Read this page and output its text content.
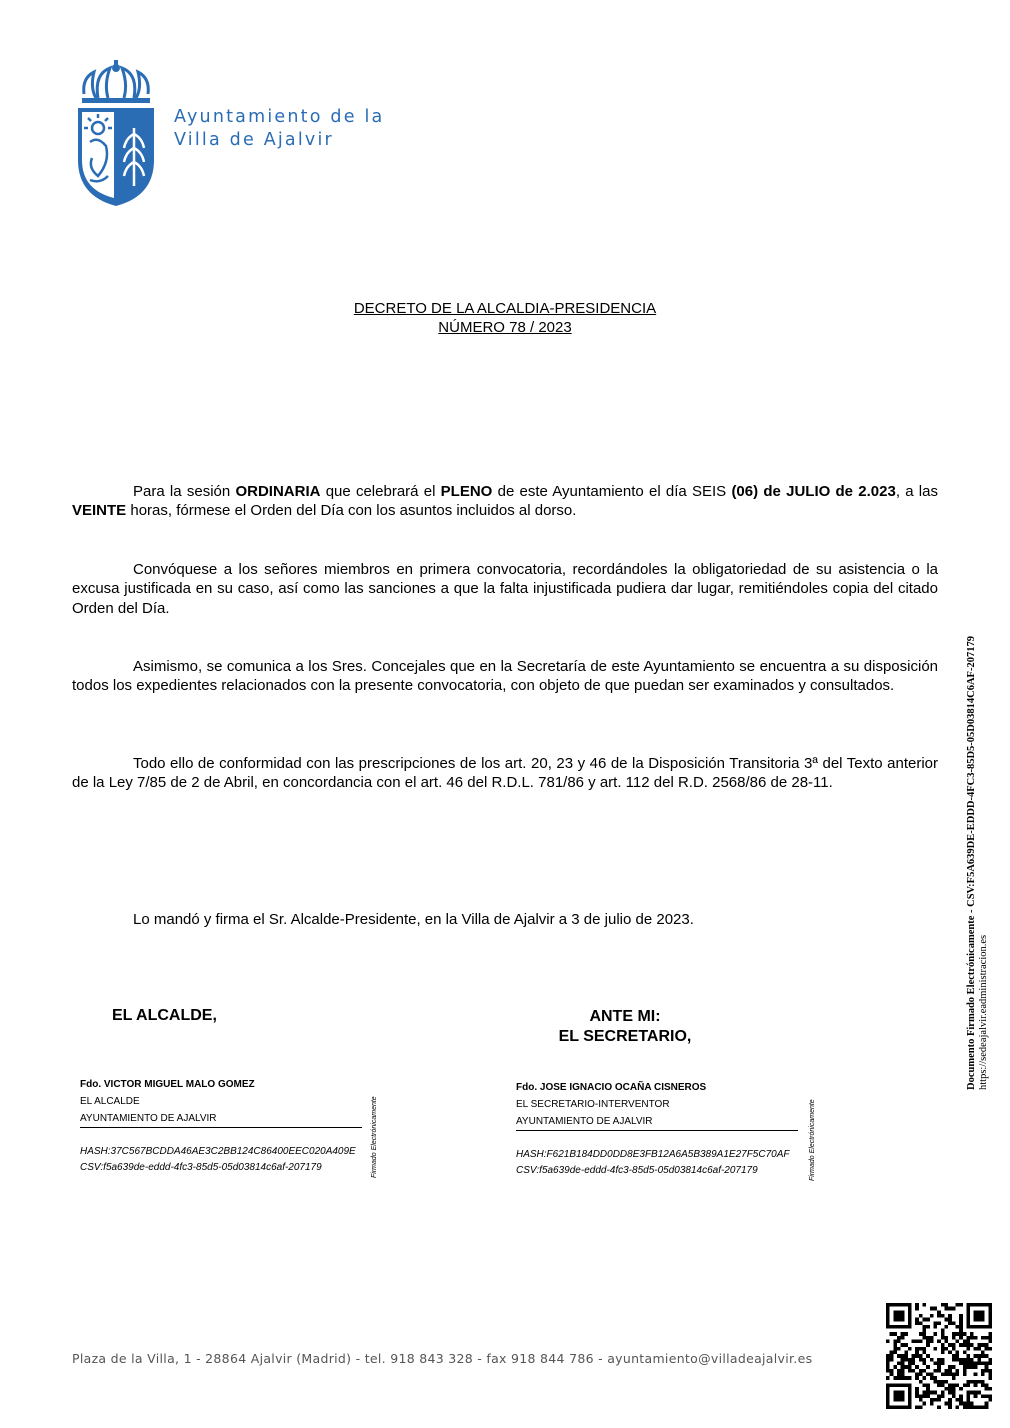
Ayuntamiento de la
Villa de Ajalvir
DECRETO DE LA ALCALDIA-PRESIDENCIA
NÚMERO 78 / 2023

Para la sesión ORDINARIA que celebrará el PLENO de este Ayuntamiento el día SEIS (06) de JULIO de 2.023, a las VEINTE horas, fórmese el Orden del Día con los asuntos incluidos al dorso.

Convóquese a los señores miembros en primera convocatoria, recordándoles la obligatoriedad de su asistencia o la excusa justificada en su caso, así como las sanciones a que la falta injustificada pudiera dar lugar, remitiéndoles copia del citado Orden del Día.

Asimismo, se comunica a los Sres. Concejales que en la Secretaría de este Ayuntamiento se encuentra a su disposición todos los expedientes relacionados con la presente convocatoria, con objeto de que puedan ser examinados y consultados.

Todo ello de conformidad con las prescripciones de los art. 20, 23 y 46 de la Disposición Transitoria 3ª del Texto anterior de la Ley 7/85 de 2 de Abril, en concordancia con el art. 46 del R.D.L. 781/86 y art. 112 del R.D. 2568/86 de 28-11.

Lo mandó y firma el Sr. Alcalde-Presidente, en la Villa de Ajalvir a 3 de julio de 2023.

EL ALCALDE,	ANTE MI:
EL SECRETARIO,
Fdo. VICTOR MIGUEL MALO GOMEZ
EL ALCALDE
AYUNTAMIENTO DE AJALVIR
HASH:37C567BCDDA46AE3C2BB124C86400EEC020A409E
CSV:f5a639de-eddd-4fc3-85d5-05d03814c6af-207179	Firmado Electrónicamente
Fdo. JOSE IGNACIO OCAÑA CISNEROS
EL SECRETARIO-INTERVENTOR
AYUNTAMIENTO DE AJALVIR
HASH:F621B184DD0DD8E3FB12A6A5B389A1E27F5C70AF
CSV:f5a639de-eddd-4fc3-85d5-05d03814c6af-207179	Firmado Electrónicamente
Documento Firmado Electrónicamente - CSV:F5A639DE-EDDD-4FC3-85D5-05D03814C6AF-207179 https://sedeajalvir.eadministracion.es
Plaza de la Villa, 1 - 28864 Ajalvir (Madrid) - tel. 918 843 328 - fax 918 844 786 - ayuntamiento@villadeajalvir.es
